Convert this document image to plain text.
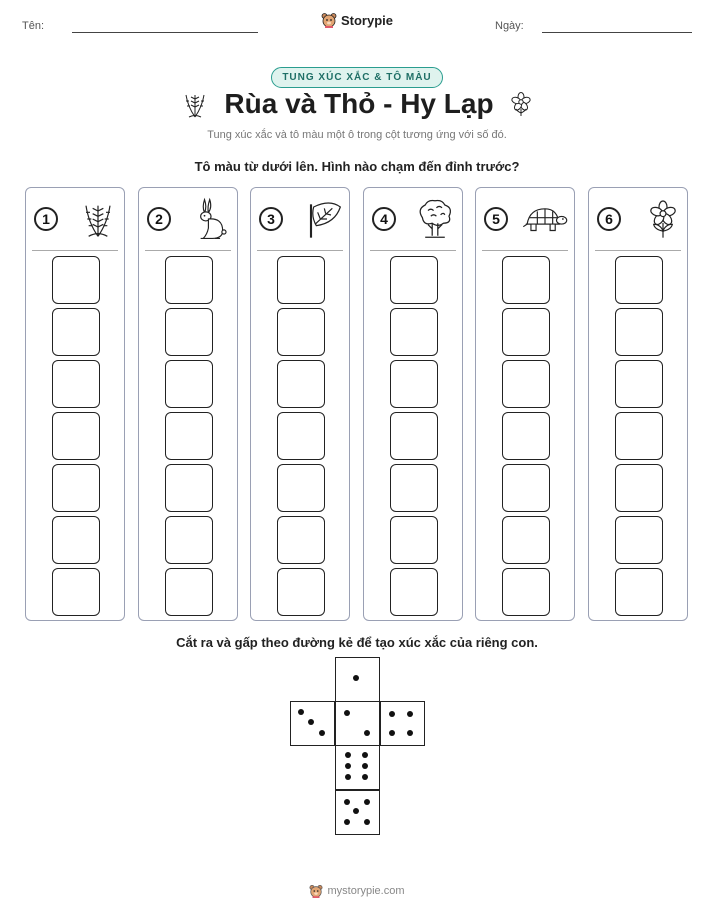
Tên:	Ngày:
Storypie
TUNG XÚC XẮC & TÔ MÀU
Rùa và Thỏ - Hy Lạp
Tung xúc xắc và tô màu một ô trong cột tương ứng với số đó.
Tô màu từ dưới lên. Hình nào chạm đến đỉnh trước?
1	2	3	4	5	6
Cắt ra và gấp theo đường kẻ để tạo xúc xắc của riêng con.
mystorypie.com
